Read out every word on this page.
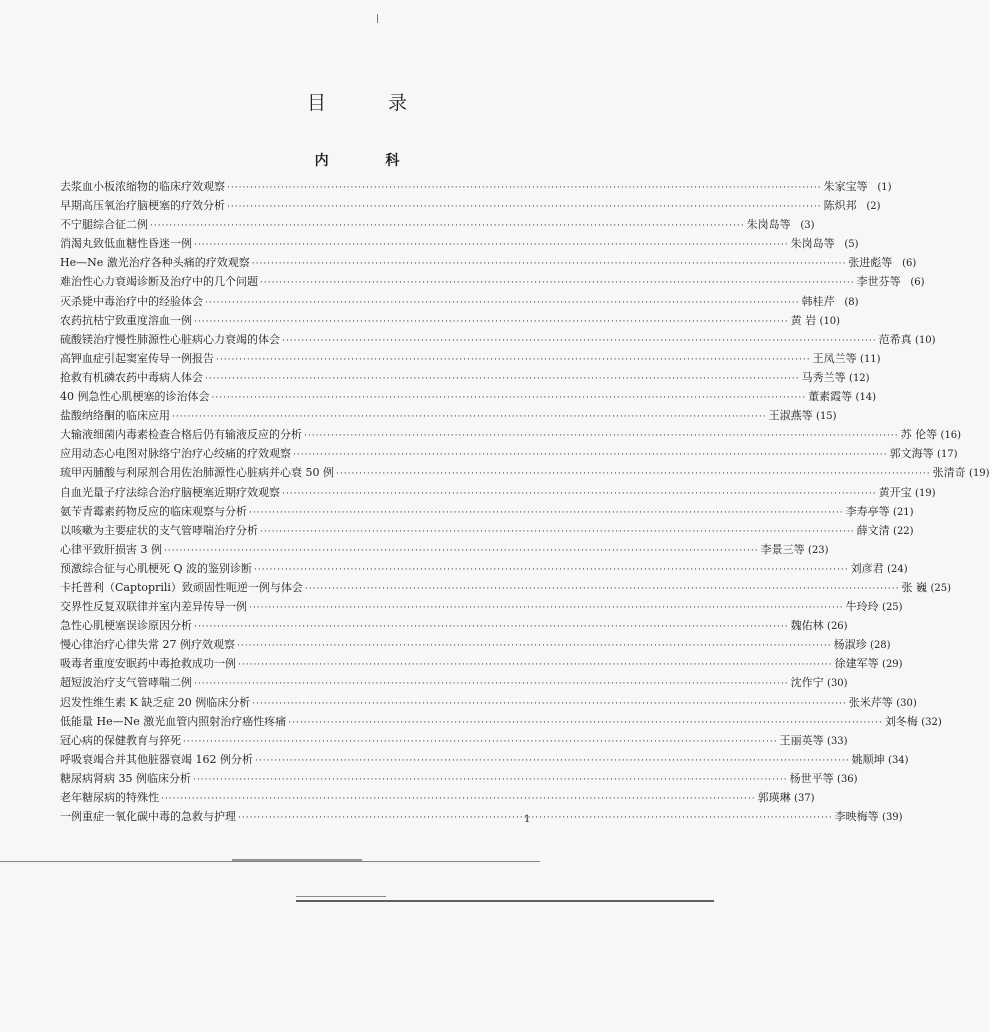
目 录
内 科
去浆血小板浓缩物的临床疗效观察 ·····	朱家宝等 (1)
早期高压氧治疗脑梗塞的疗效分析 ·····	陈炽邦 (2)
不宁腿综合征二例 ·····	朱岗岛等 (3)
消渴丸致低血糖性昏迷一例 ·····	朱岗岛等 (5)
He—Ne 激光治疗各种头痛的疗效观察 ·····	张进彪等 (6)
难治性心力衰竭诊断及治疗中的几个问题 ·····	李世芬等 (6)
灭杀毙中毒治疗中的经验体会 ·····	韩桂芹 (8)
农药抗枯宁致重度溶血一例 ·····	黄 岩 (10)
硫酸镁治疗慢性肺源性心脏病心力衰竭的体会 ·····	范希真 (10)
高钾血症引起窦室传导一例报告 ·····	王凤兰等 (11)
抢救有机磷农药中毒病人体会 ·····	马秀兰等 (12)
40 例急性心肌梗塞的诊治体会 ·····	董素霞等 (14)
盐酸纳络酮的临床应用 ·····	王淑燕等 (15)
大输液细菌内毒素检查合格后仍有输液反应的分析 ·····	苏 伦等 (16)
应用动态心电图对脉络宁治疗心绞痛的疗效观察 ·····	郭文海等 (17)
琉甲丙脯酸与利尿剂合用佐治肺源性心脏病并心衰 50 例 ·····	张清奇 (19)
自血光量子疗法综合治疗脑梗塞近期疗效观察 ·····	黄开宝 (19)
氨苄青霉素药物反应的临床观察与分析 ·····	李寿亭等 (21)
以咳嗽为主要症状的支气管哮喘治疗分析 ·····	薛文清 (22)
心律平致肝损害 3 例 ·····	李景三等 (23)
预激综合征与心肌梗死 Q 波的鉴别诊断 ·····	刘彦君 (24)
卡托普利（Captoprili）致顽固性呃逆一例与体会 ·····	张 巍 (25)
交界性反复双联律并室内差异传导一例 ·····	牛玲玲 (25)
急性心肌梗塞误诊原因分析 ·····	魏佑林 (26)
慢心律治疗心律失常 27 例疗效观察 ·····	杨淑珍 (28)
吸毒者重度安眠药中毒抢救成功一例 ·····	徐建军等 (29)
超短波治疗支气管哮喘二例 ·····	沈作宁 (30)
迟发性维生素 K 缺乏症 20 例临床分析 ·····	张米芹等 (30)
低能量 He—Ne 激光血管内照射治疗癌性疼痛 ·····	刘冬梅 (32)
冠心病的保健教育与猝死 ·····	王丽英等 (33)
呼吸衰竭合并其他脏器衰竭 162 例分析 ·····	姚顺坤 (34)
糖尿病肾病 35 例临床分析 ·····	杨世平等 (36)
老年糖尿病的特殊性 ·····	郭瑛琳 (37)
一例重症一氧化碳中毒的急救与护理 ·····	李映梅等 (39)
1
